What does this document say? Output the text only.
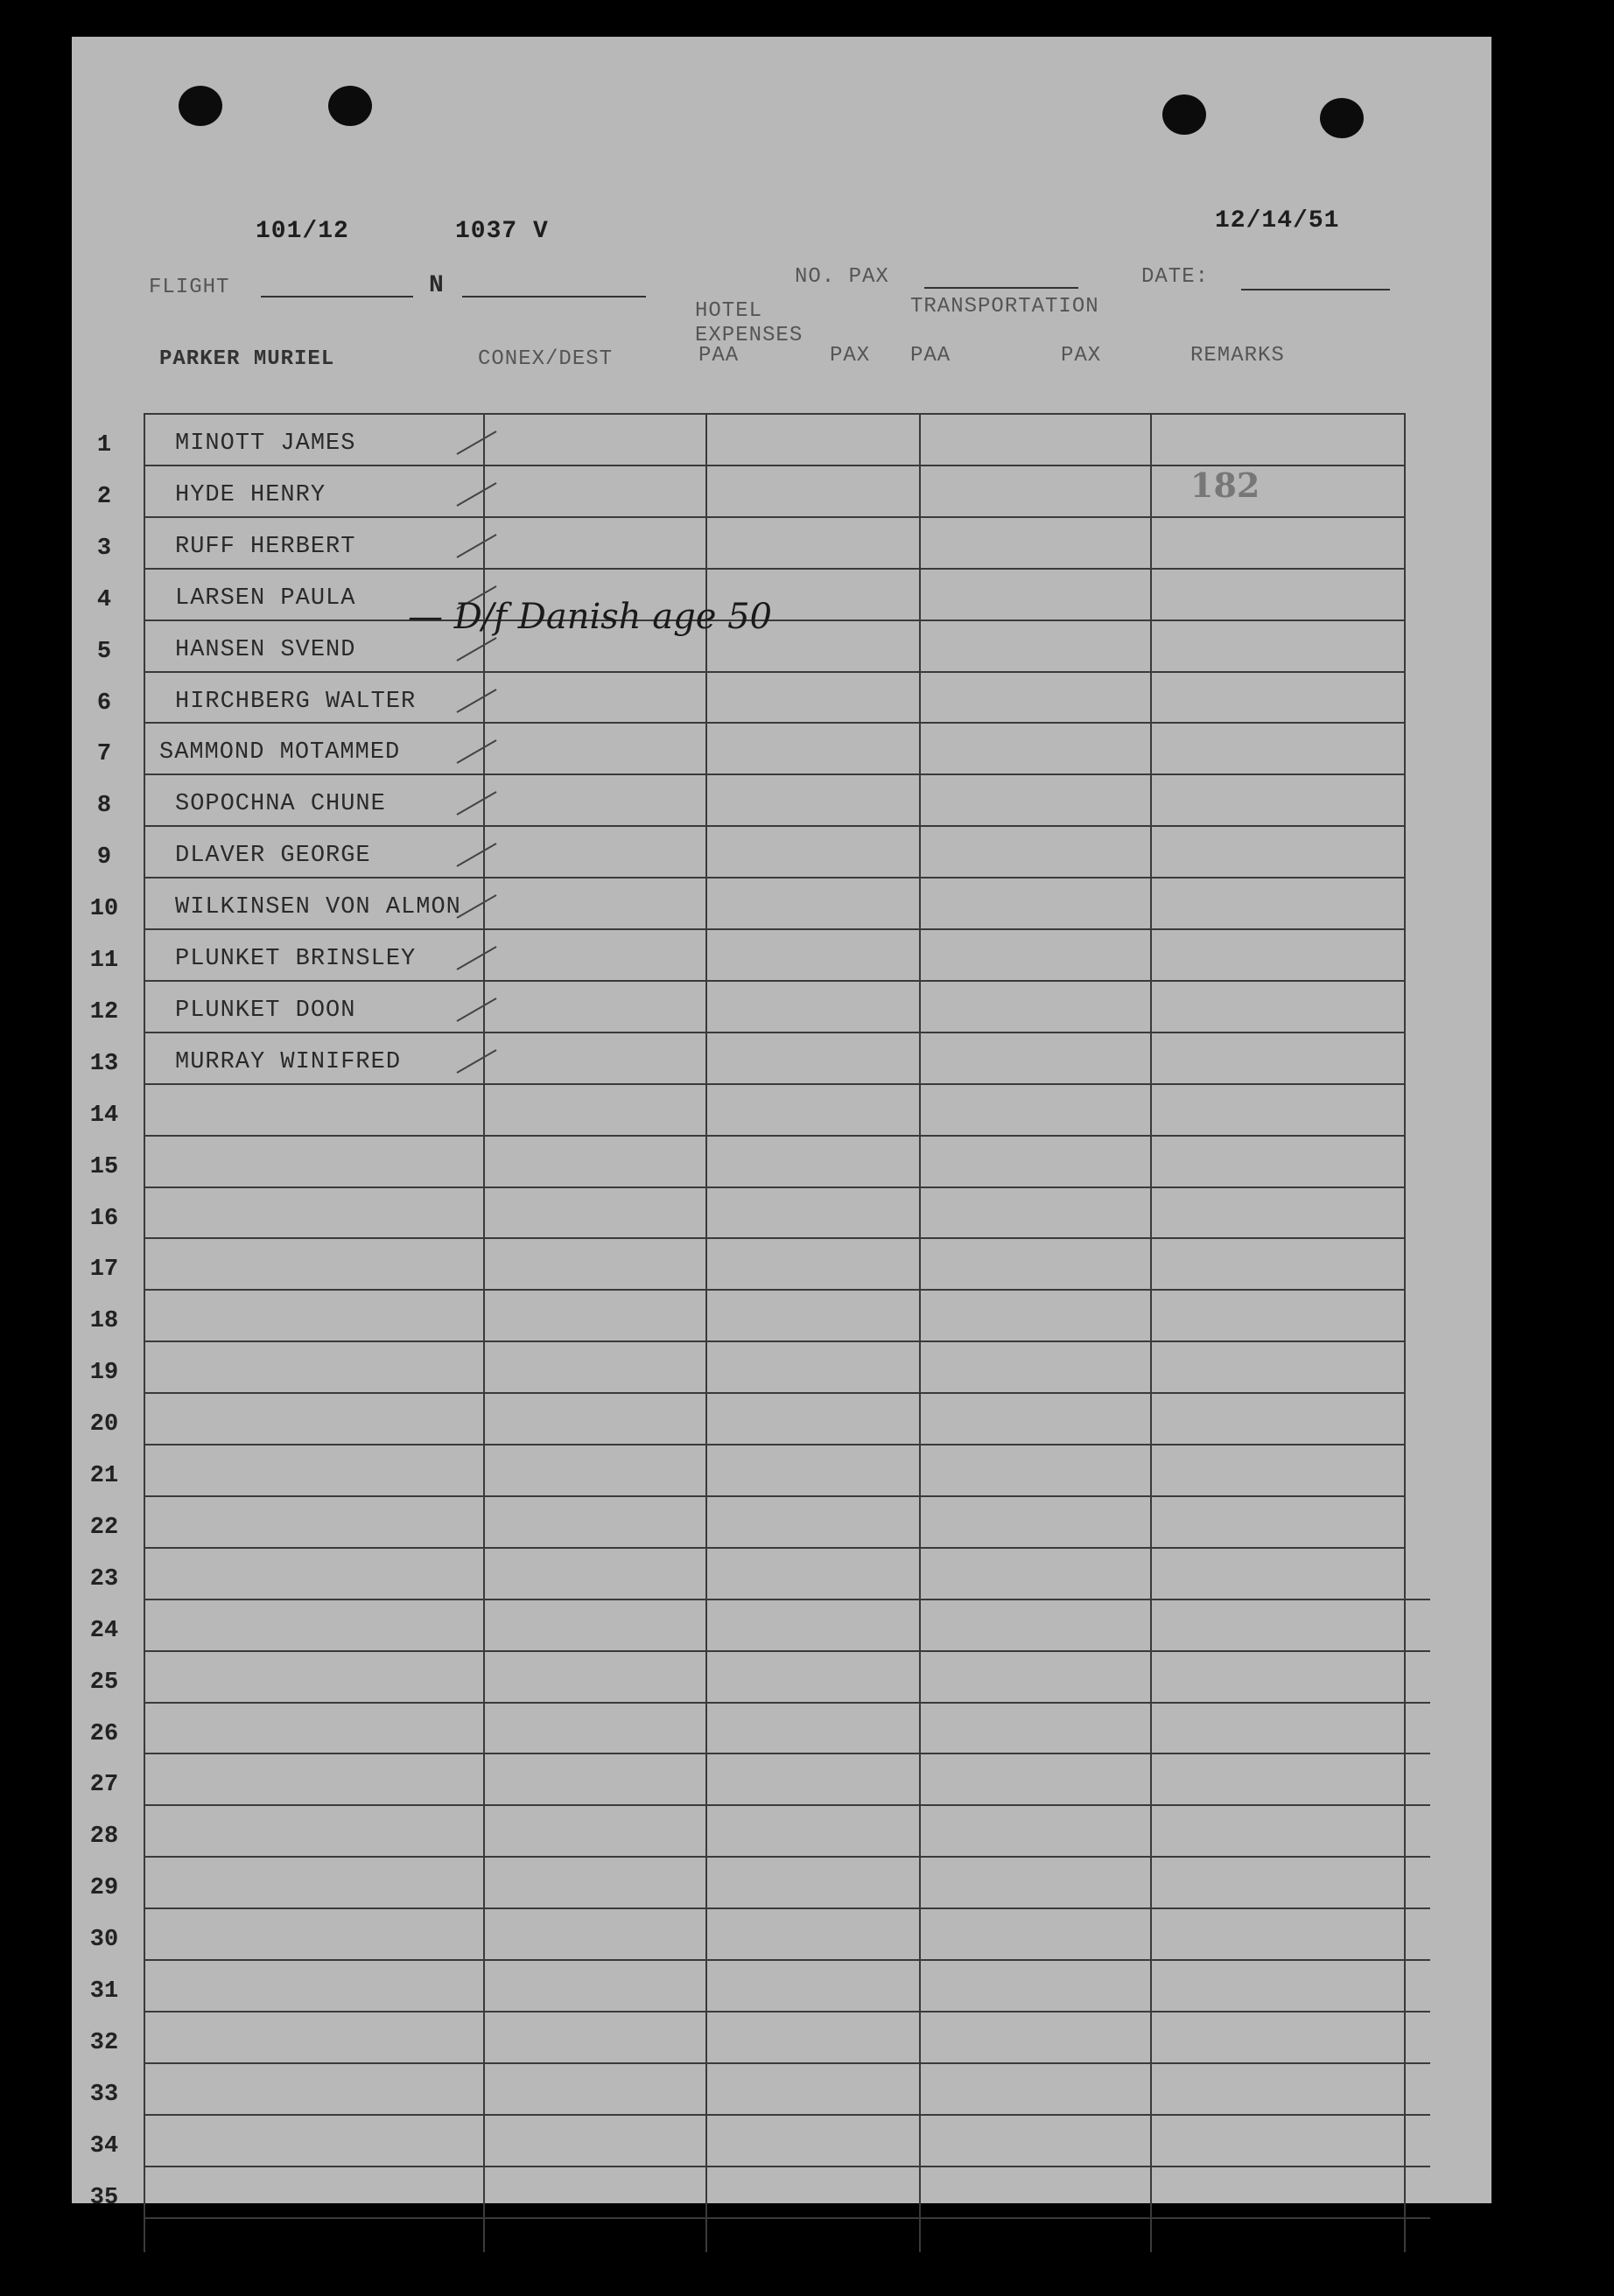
101/12	1037 V	12/14/51
FLIGHT	N	NO. PAX	DATE:
PARKER MURIEL	CONEX/DEST
HOTEL EXPENSES
TRANSPORTATION
PAA	PAX PAA	PAX	REMARKS
1	MINOTT JAMES
2	HYDE HENRY
3	RUFF HERBERT
4	LARSEN PAULA
5	HANSEN SVEND
6	HIRCHBERG WALTER
7	SAMMOND MOTAMMED
8	SOPOCHNA CHUNE
9	DLAVER GEORGE
10	WILKINSEN VON ALMON
11	PLUNKET BRINSLEY
12	PLUNKET DOON
13	MURRAY WINIFRED
14
15
16
17
18
19
20
21
22
23
24
25
26
27
28
29
30
31
32
33
34
35
— D/f Danish age 50
182
